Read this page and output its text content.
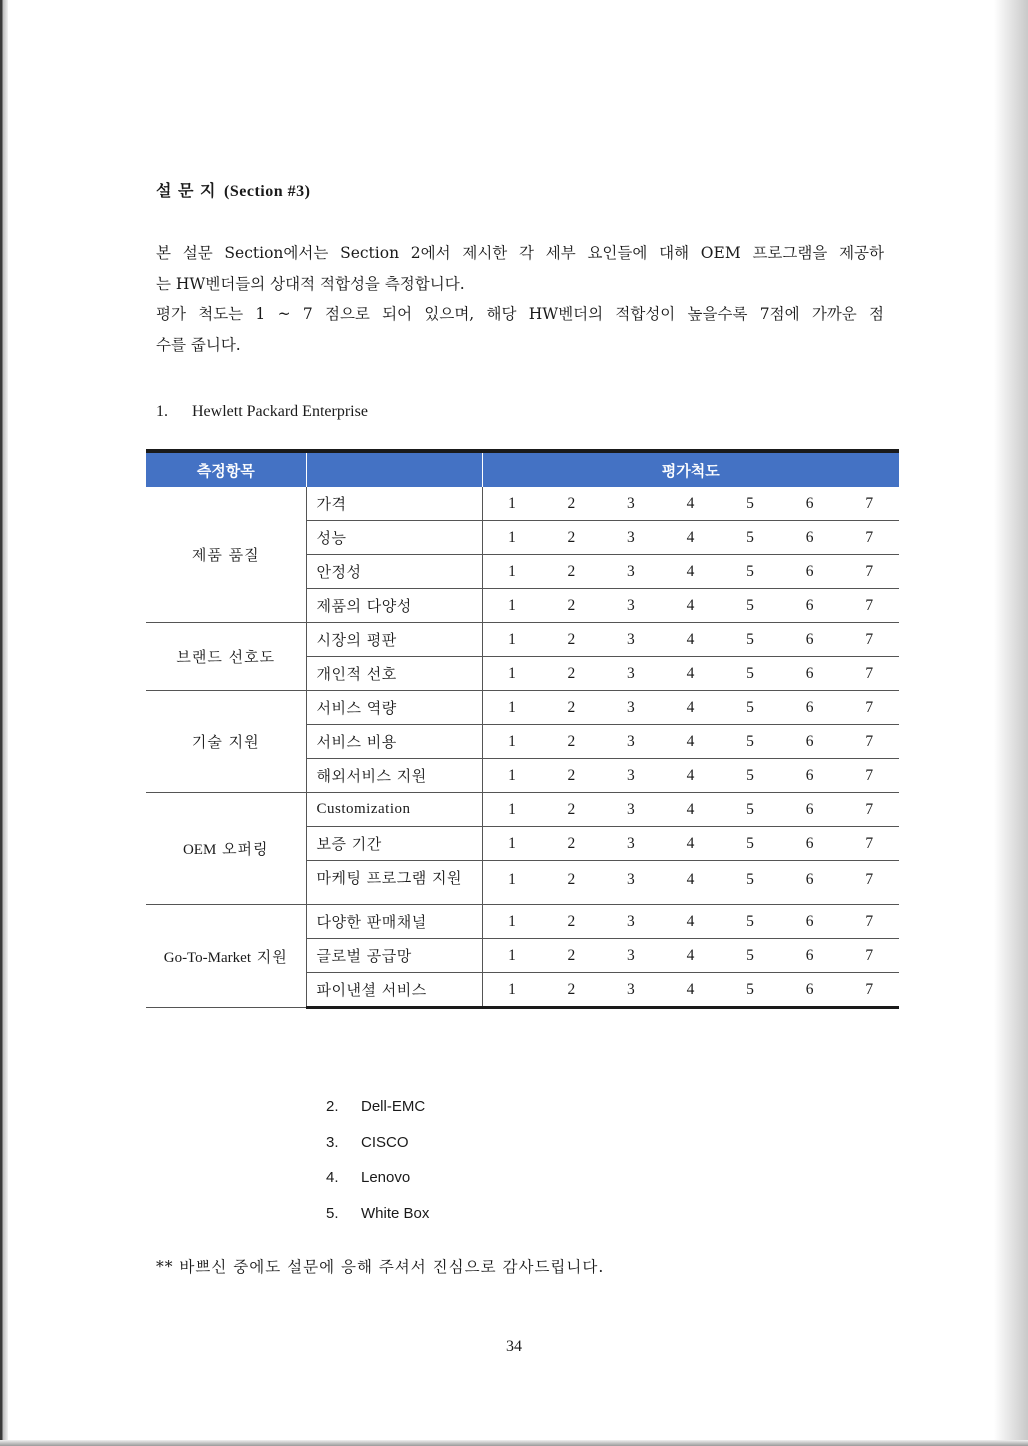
설 문 지 (Section #3)

본 설문 Section에서는 Section 2에서 제시한 각 세부 요인들에 대해 OEM 프로그램을 제공하

는 HW벤더들의 상대적 적합성을 측정합니다.

평가 척도는 1 ~ 7 점으로 되어 있으며, 해당 HW벤더의 적합성이 높을수록 7점에 가까운 점

수를 줍니다.

1. Hewlett Packard Enterprise
측정항목		평가척도						
제품 품질	가격	1	2	3	4	5	6	7
	성능	1	2	3	4	5	6	7
	안정성	1	2	3	4	5	6	7
	제품의 다양성	1	2	3	4	5	6	7
브랜드 선호도	시장의 평판	1	2	3	4	5	6	7
	개인적 선호	1	2	3	4	5	6	7
기술 지원	서비스 역량	1	2	3	4	5	6	7
	서비스 비용	1	2	3	4	5	6	7
	해외서비스 지원	1	2	3	4	5	6	7
OEM 오퍼링	Customization	1	2	3	4	5	6	7
	보증 기간	1	2	3	4	5	6	7
	마케팅 프로그램 지원	1	2	3	4	5	6	7
Go-To-Market 지원	다양한 판매채널	1	2	3	4	5	6	7
	글로벌 공급망	1	2	3	4	5	6	7
	파이낸셜 서비스	1	2	3	4	5	6	7
2. Dell-EMC
3. CISCO
4. Lenovo
5. White Box
** 바쁘신 중에도 설문에 응해 주셔서 진심으로 감사드립니다.
34
